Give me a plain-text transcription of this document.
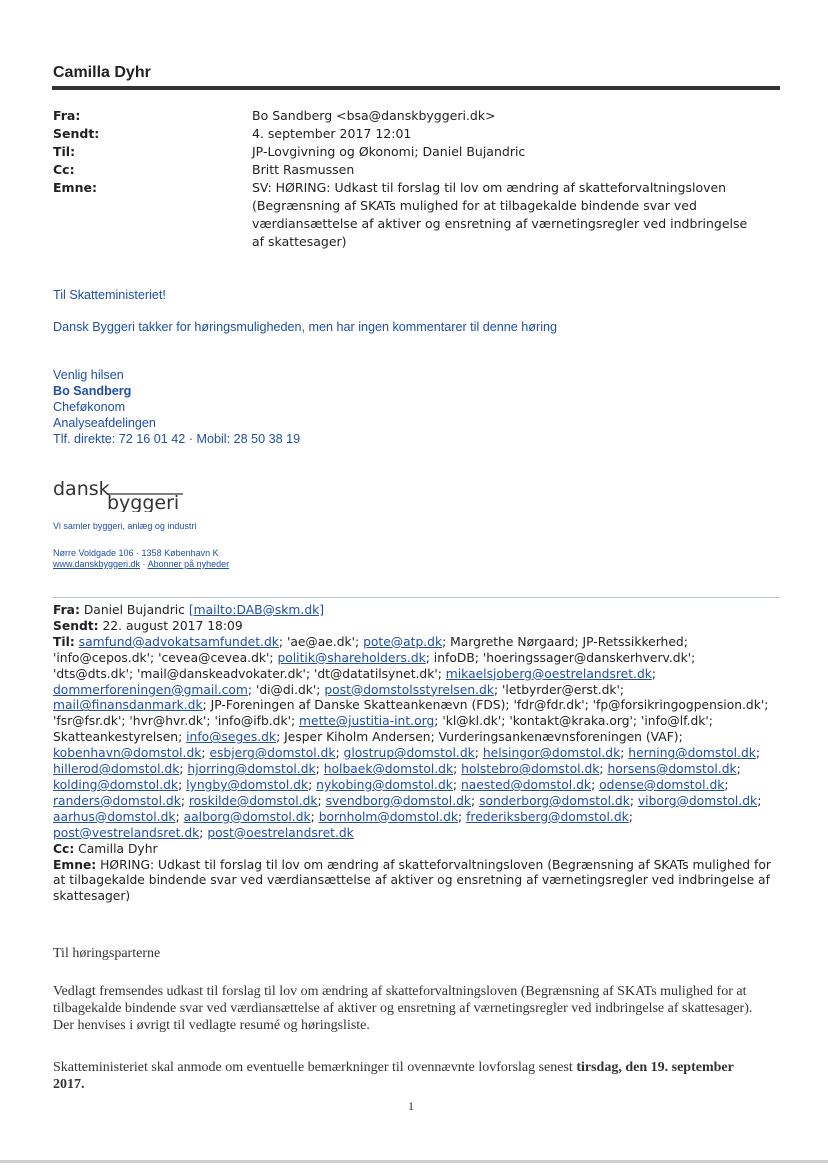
Camilla Dyhr
Fra:	Bo Sandberg <bsa@danskbyggeri.dk>
Sendt:	4. september 2017 12:01
Til:	JP-Lovgivning og Økonomi; Daniel Bujandric
Cc:	Britt Rasmussen
Emne:	SV: HØRING: Udkast til forslag til lov om ændring af skatteforvaltningsloven (Begrænsning af SKATs mulighed for at tilbagekalde bindende svar ved værdiansættelse af aktiver og ensretning af værnetingsregler ved indbringelse af skattesager)
Til Skatteministeriet!
Dansk Byggeri takker for høringsmuligheden, men har ingen kommentarer til denne høring
Venlig hilsen
Bo Sandberg
Cheføkonom
Analyseafdelingen
Tlf. direkte: 72 16 01 42 · Mobil: 28 50 38 19
dansk
byggeri
Vi samler byggeri, anlæg og industri
Nørre Voldgade 106 · 1358 København K
www.danskbyggeri.dk · Abonner på nyheder
Fra: Daniel Bujandric [mailto:DAB@skm.dk]
Sendt: 22. august 2017 18:09
Til: samfund@advokatsamfundet.dk; 'ae@ae.dk'; pote@atp.dk; Margrethe Nørgaard; JP-Retssikkerhed; 'info@cepos.dk'; 'cevea@cevea.dk'; politik@shareholders.dk; infoDB; 'hoeringssager@danskerhverv.dk'; 'dts@dts.dk'; 'mail@danskeadvokater.dk'; 'dt@datatilsynet.dk'; mikaelsjoberg@oestrelandsret.dk; dommerforeningen@gmail.com; 'di@di.dk'; post@domstolsstyrelsen.dk; 'letbyrder@erst.dk'; mail@finansdanmark.dk; JP-Foreningen af Danske Skatteankenævn (FDS); 'fdr@fdr.dk'; 'fp@forsikringogpension.dk'; 'fsr@fsr.dk'; 'hvr@hvr.dk'; 'info@ifb.dk'; mette@justitia-int.org; 'kl@kl.dk'; 'kontakt@kraka.org'; 'info@lf.dk'; Skatteankestyrelsen; info@seges.dk; Jesper Kiholm Andersen; Vurderingsankenævnsforeningen (VAF); kobenhavn@domstol.dk; esbjerg@domstol.dk; glostrup@domstol.dk; helsingor@domstol.dk; herning@domstol.dk; hillerod@domstol.dk; hjorring@domstol.dk; holbaek@domstol.dk; holstebro@domstol.dk; horsens@domstol.dk; kolding@domstol.dk; lyngby@domstol.dk; nykobing@domstol.dk; naested@domstol.dk; odense@domstol.dk; randers@domstol.dk; roskilde@domstol.dk; svendborg@domstol.dk; sonderborg@domstol.dk; viborg@domstol.dk; aarhus@domstol.dk; aalborg@domstol.dk; bornholm@domstol.dk; frederiksberg@domstol.dk; post@vestrelandsret.dk; post@oestrelandsret.dk
Cc: Camilla Dyhr
Emne: HØRING: Udkast til forslag til lov om ændring af skatteforvaltningsloven (Begrænsning af SKATs mulighed for at tilbagekalde bindende svar ved værdiansættelse af aktiver og ensretning af værnetingsregler ved indbringelse af skattesager)
Til høringsparterne
Vedlagt fremsendes udkast til forslag til lov om ændring af skatteforvaltningsloven (Begrænsning af SKATs mulighed for at tilbagekalde bindende svar ved værdiansættelse af aktiver og ensretning af værnetingsregler ved indbringelse af skattesager). Der henvises i øvrigt til vedlagte resumé og høringsliste.
Skatteministeriet skal anmode om eventuelle bemærkninger til ovennævnte lovforslag senest tirsdag, den 19. september 2017.
1
